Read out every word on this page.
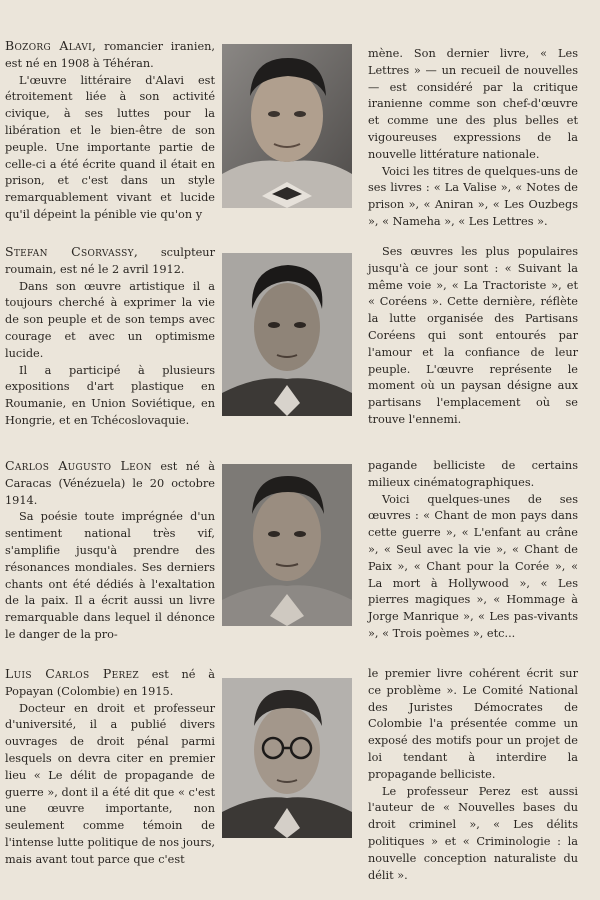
Bozorg Alavi, romancier iranien, est né en 1908 à Téhéran.

L'œuvre littéraire d'Alavi est étroitement liée à son activité civique, à ses luttes pour la libération et le bien-être de son peuple. Une importante partie de celle-ci a été écrite quand il était en prison, et c'est dans un style remarquablement vivant et lucide qu'il dépeint la pénible vie qu'on y

mène. Son dernier livre, « Les Lettres » — un recueil de nouvelles — est considéré par la critique iranienne comme son chef-d'œuvre et comme une des plus belles et vigoureuses expressions de la nouvelle littérature nationale.

Voici les titres de quelques-uns de ses livres : « La Valise », « Notes de prison », « Aniran », « Les Ouzbegs », « Nameha », « Les Lettres ».

Stefan Csorvassy, sculpteur roumain, est né le 2 avril 1912.

Dans son œuvre artistique il a toujours cherché à exprimer la vie de son peuple et de son temps avec courage et avec un optimisme lucide.

Il a participé à plusieurs expositions d'art plastique en Roumanie, en Union Soviétique, en Hongrie, et en Tchécoslovaquie.

Ses œuvres les plus populaires jusqu'à ce jour sont : « Suivant la même voie », « La Tractoriste », et « Coréens ». Cette dernière, réflète la lutte organisée des Partisans Coréens qui sont entourés par l'amour et la confiance de leur peuple. L'œuvre représente le moment où un paysan désigne aux partisans l'emplacement où se trouve l'ennemi.

Carlos Augusto Leon est né à Caracas (Vénézuela) le 20 octobre 1914.

Sa poésie toute imprégnée d'un sentiment national très vif, s'amplifie jusqu'à prendre des résonances mondiales. Ses derniers chants ont été dédiés à l'exaltation de la paix. Il a écrit aussi un livre remarquable dans lequel il dénonce le danger de la pro-

pagande belliciste de certains milieux cinématographiques.

Voici quelques-unes de ses œuvres : « Chant de mon pays dans cette guerre », « L'enfant au crâne », « Seul avec la vie », « Chant de Paix », « Chant pour la Corée », « La mort à Hollywood », « Les pierres magiques », « Hommage à Jorge Manrique », « Les pas-vivants », « Trois poèmes », etc...

Luis Carlos Perez est né à Popayan (Colombie) en 1915.

Docteur en droit et professeur d'université, il a publié divers ouvrages de droit pénal parmi lesquels on devra citer en premier lieu « Le délit de propagande de guerre », dont il a été dit que « c'est une œuvre importante, non seulement comme témoin de l'intense lutte politique de nos jours, mais avant tout parce que c'est

le premier livre cohérent écrit sur ce problème ». Le Comité National des Juristes Démocrates de Colombie l'a présentée comme un exposé des motifs pour un projet de loi tendant à interdire la propagande belliciste.

Le professeur Perez est aussi l'auteur de « Nouvelles bases du droit criminel », « Les délits politiques » et « Criminologie : la nouvelle conception naturaliste du délit ».
